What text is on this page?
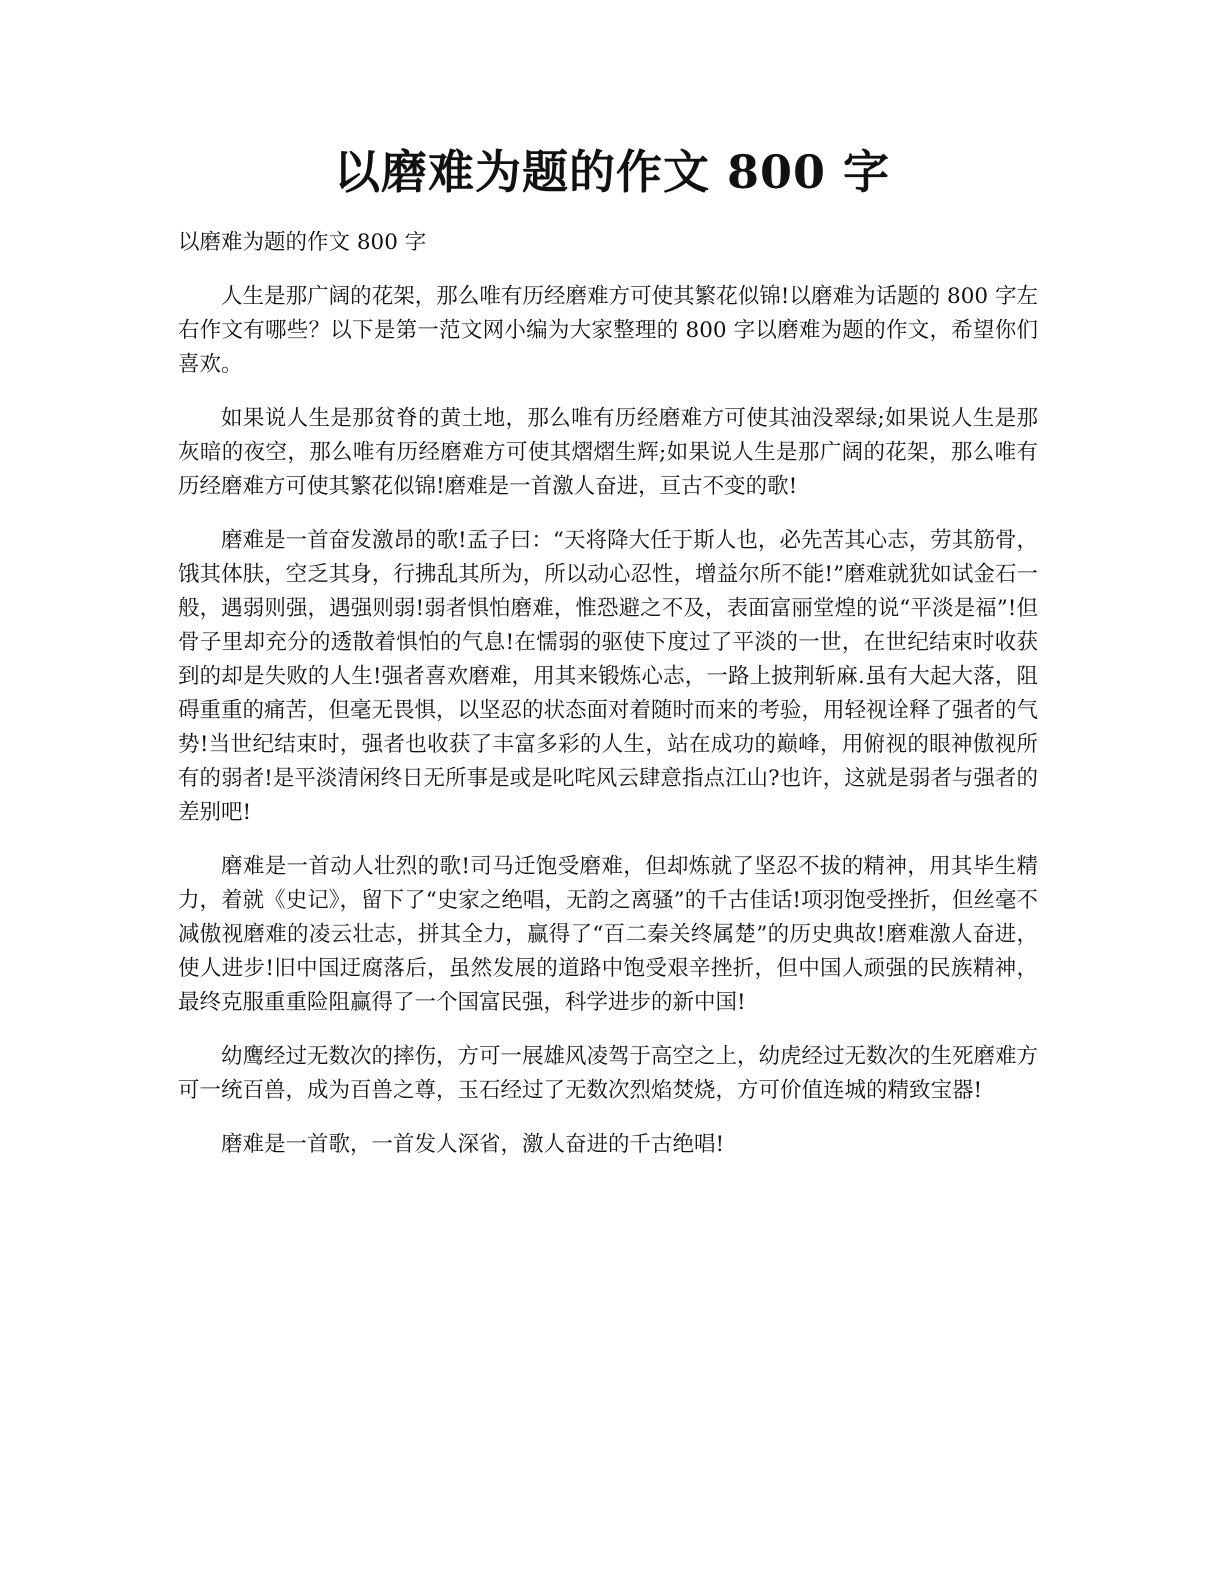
以磨难为题的作文 800 字

以磨难为题的作文 800 字

人生是那广阔的花架，那么唯有历经磨难方可使其繁花似锦!以磨难为话题的 800 字左右作文有哪些？以下是第一范文网小编为大家整理的 800 字以磨难为题的作文，希望你们喜欢。

如果说人生是那贫脊的黄土地，那么唯有历经磨难方可使其油没翠绿;如果说人生是那灰暗的夜空，那么唯有历经磨难方可使其熠熠生辉;如果说人生是那广阔的花架，那么唯有历经磨难方可使其繁花似锦!磨难是一首激人奋进，亘古不变的歌!

磨难是一首奋发激昂的歌!孟子曰：“天将降大任于斯人也，必先苦其心志，劳其筋骨，饿其体肤，空乏其身，行拂乱其所为，所以动心忍性，增益尔所不能!”磨难就犹如试金石一般，遇弱则强，遇强则弱!弱者惧怕磨难，惟恐避之不及，表面富丽堂煌的说“平淡是福”!但骨子里却充分的透散着惧怕的气息!在懦弱的驱使下度过了平淡的一世，在世纪结束时收获到的却是失败的人生!强者喜欢磨难，用其来锻炼心志，一路上披荆斩麻.虽有大起大落，阻碍重重的痛苦，但毫无畏惧，以坚忍的状态面对着随时而来的考验，用轻视诠释了强者的气势!当世纪结束时，强者也收获了丰富多彩的人生，站在成功的巅峰，用俯视的眼神傲视所有的弱者!是平淡清闲终日无所事是或是叱咤风云肆意指点江山?也许，这就是弱者与强者的差别吧!

磨难是一首动人壮烈的歌!司马迁饱受磨难，但却炼就了坚忍不拔的精神，用其毕生精力，着就《史记》，留下了“史家之绝唱，无韵之离骚”的千古佳话!项羽饱受挫折，但丝毫不减傲视磨难的凌云壮志，拼其全力，赢得了“百二秦关终属楚”的历史典故!磨难激人奋进，使人进步!旧中国迂腐落后，虽然发展的道路中饱受艰辛挫折，但中国人顽强的民族精神，最终克服重重险阻赢得了一个国富民强，科学进步的新中国!

幼鹰经过无数次的摔伤，方可一展雄风凌驾于高空之上，幼虎经过无数次的生死磨难方可一统百兽，成为百兽之尊，玉石经过了无数次烈焰焚烧，方可价值连城的精致宝器!

磨难是一首歌，一首发人深省，激人奋进的千古绝唱!
